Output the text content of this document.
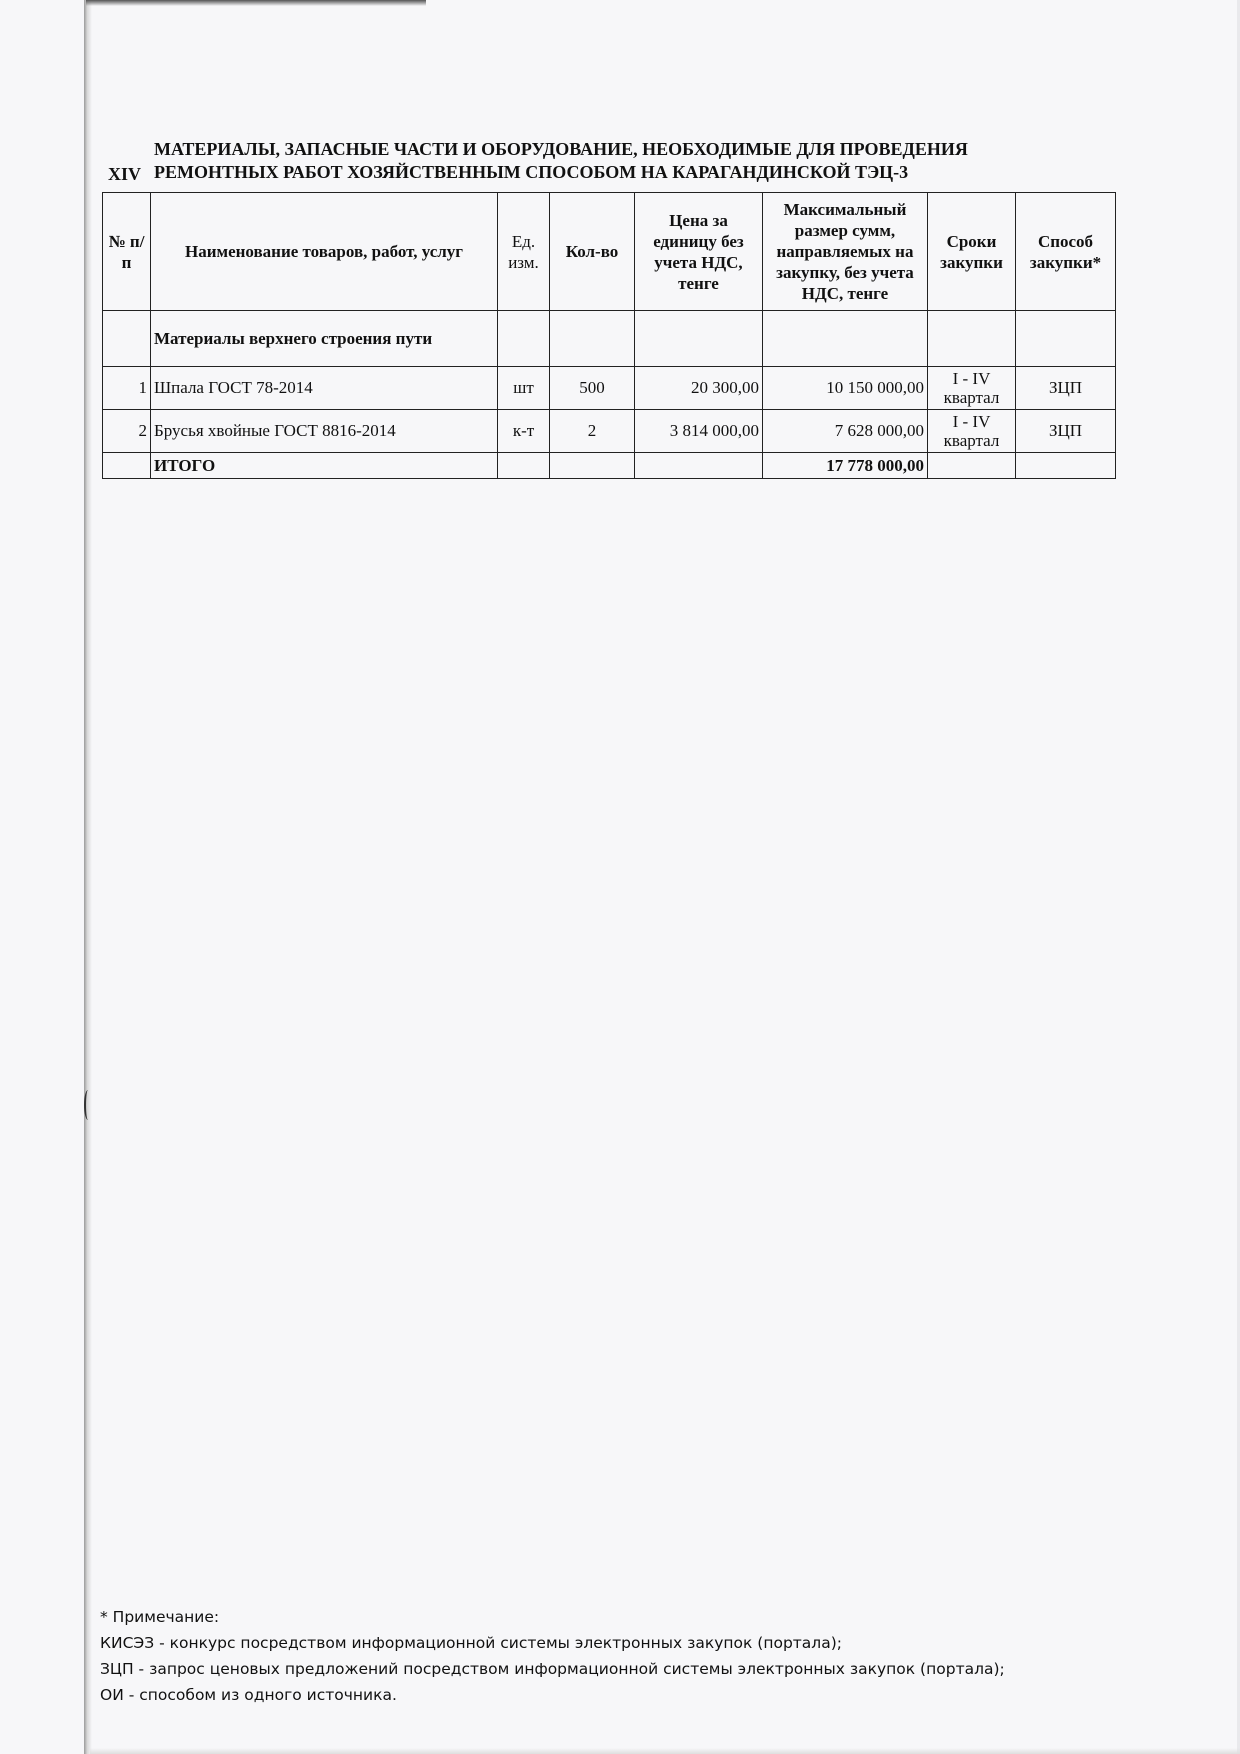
XIV
МАТЕРИАЛЫ, ЗАПАСНЫЕ ЧАСТИ И ОБОРУДОВАНИЕ, НЕОБХОДИМЫЕ ДЛЯ ПРОВЕДЕНИЯ РЕМОНТНЫХ РАБОТ ХОЗЯЙСТВЕННЫМ СПОСОБОМ НА КАРАГАНДИНСКОЙ ТЭЦ-3
№ п/п	Наименование товаров, работ, услуг	Ед. изм.	Кол-во	Цена за единицу без учета НДС, тенге	Максимальный размер сумм, направляемых на закупку, без учета НДС, тенге	Сроки закупки	Способ закупки*
	Материалы верхнего строения пути						
1	Шпала ГОСТ 78-2014	шт	500	20 300,00	10 150 000,00	I - IV квартал	ЗЦП
2	Брусья хвойные ГОСТ 8816-2014	к-т	2	3 814 000,00	7 628 000,00	I - IV квартал	ЗЦП
	ИТОГО				17 778 000,00		
* Примечание:
КИСЭЗ - конкурс посредством информационной системы электронных закупок (портала);
ЗЦП - запрос ценовых предложений посредством информационной системы электронных закупок (портала);
ОИ - способом из одного источника.
